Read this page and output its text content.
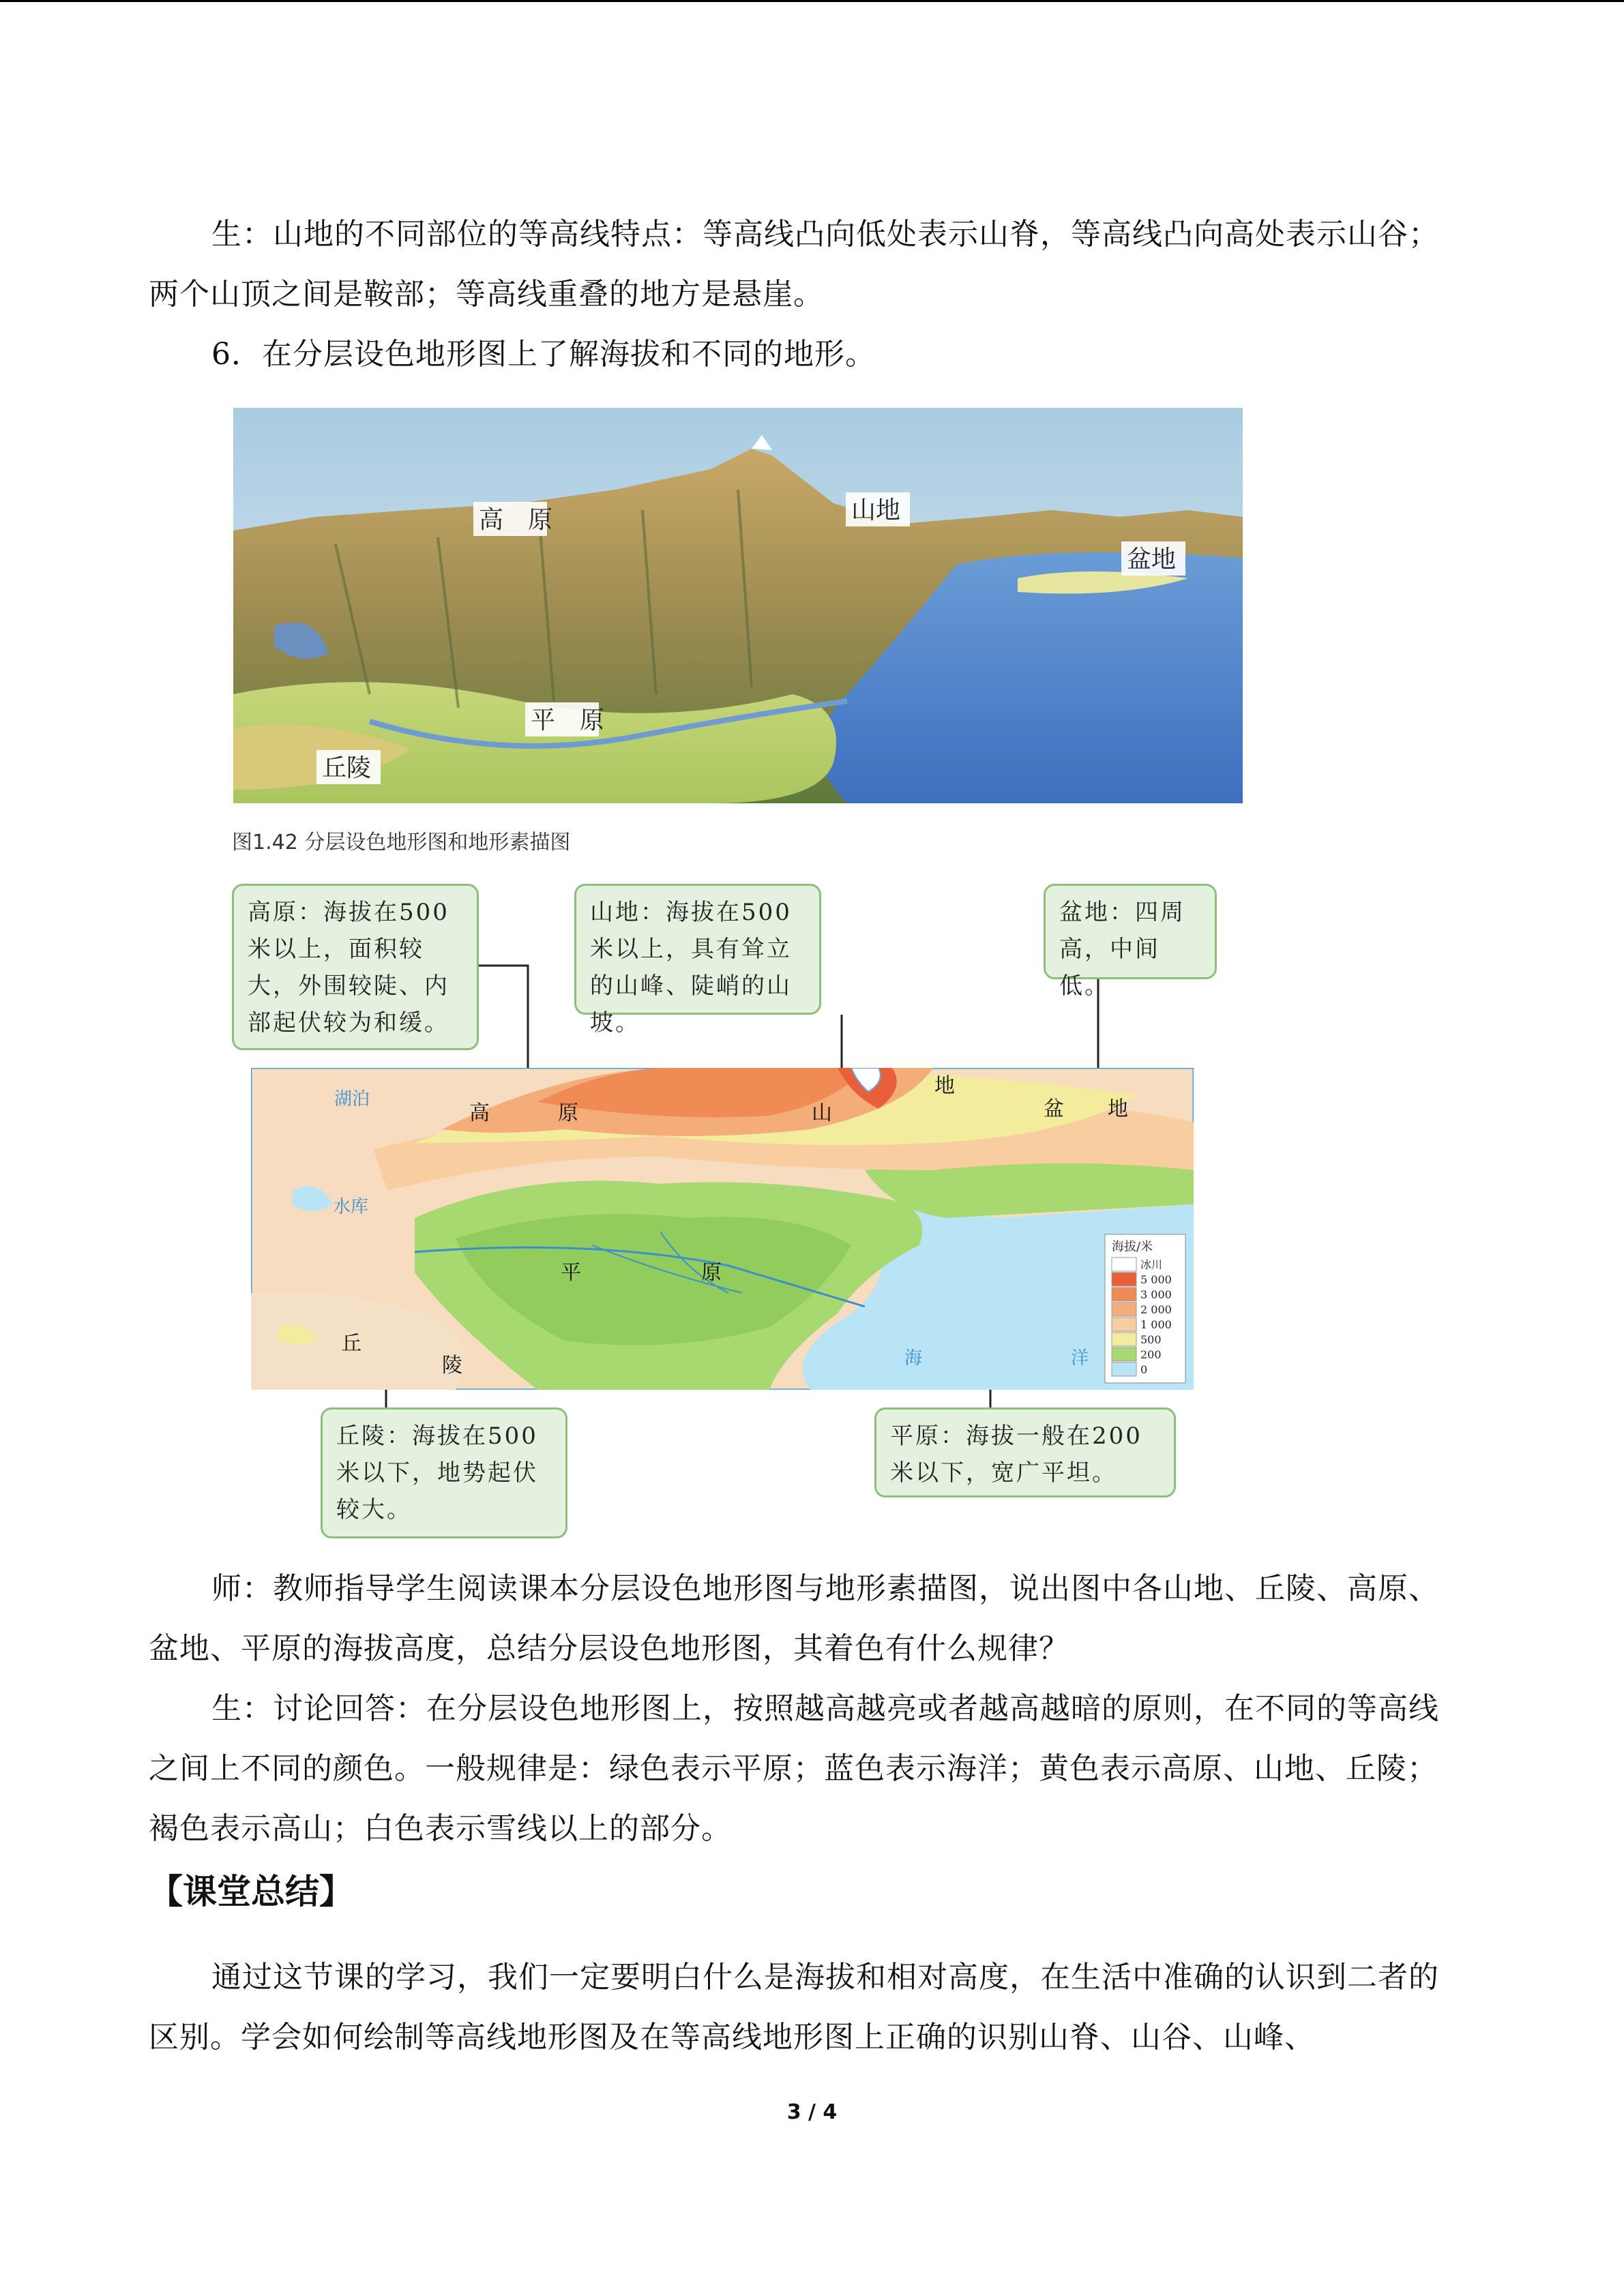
生：山地的不同部位的等高线特点：等高线凸向低处表示山脊，等高线凸向高处表示山谷；两个山顶之间是鞍部；等高线重叠的地方是悬崖。

6．在分层设色地形图上了解海拔和不同的地形。

高　原	山地
盆地
平　原
丘陵
图1.42 分层设色地形图和地形素描图
高原：海拔在500米以上，面积较大，外围较陡、内部起伏较为和缓。
山地：海拔在500米以上，具有耸立的山峰、陡峭的山坡。
盆地：四周高，中间低。
丘陵：海拔在500米以下，地势起伏较大。
平原：海拔一般在200米以下，宽广平坦。
高	原	山
地
盆 地
平	原
丘
陵
湖泊
水库
海	洋
海拔/米
冰川
5 000
3 000
2 000
1 000
500
200
0

师：教师指导学生阅读课本分层设色地形图与地形素描图，说出图中各山地、丘陵、高原、盆地、平原的海拔高度，总结分层设色地形图，其着色有什么规律？

生：讨论回答：在分层设色地形图上，按照越高越亮或者越高越暗的原则，在不同的等高线之间上不同的颜色。一般规律是：绿色表示平原；蓝色表示海洋；黄色表示高原、山地、丘陵；褐色表示高山；白色表示雪线以上的部分。

【课堂总结】

通过这节课的学习，我们一定要明白什么是海拔和相对高度，在生活中准确的认识到二者的区别。学会如何绘制等高线地形图及在等高线地形图上正确的识别山脊、山谷、山峰、

3 / 4
